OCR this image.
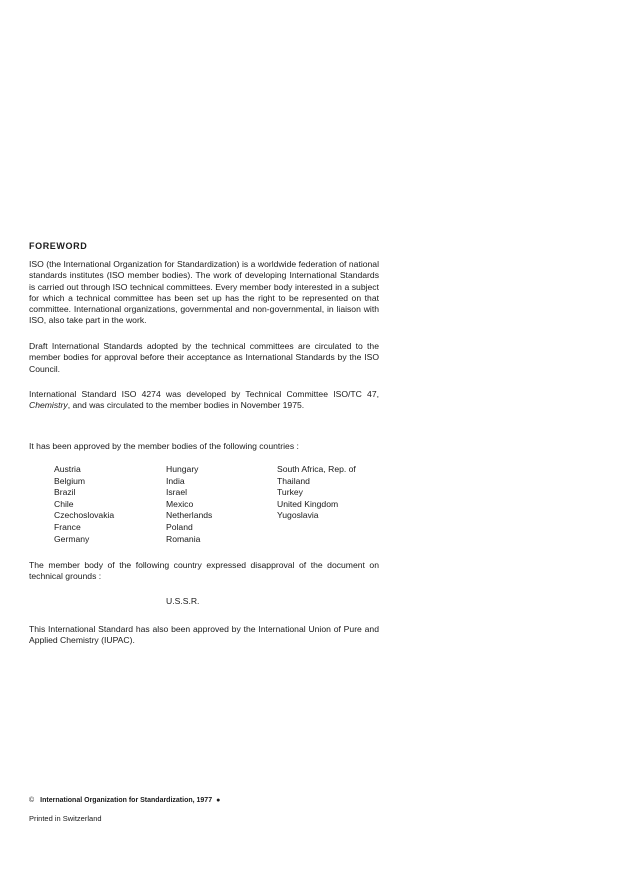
FOREWORD
ISO (the International Organization for Standardization) is a worldwide federation of national standards institutes (ISO member bodies). The work of developing International Standards is carried out through ISO technical committees. Every member body interested in a subject for which a technical committee has been set up has the right to be represented on that committee. International organizations, governmental and non-governmental, in liaison with ISO, also take part in the work.
Draft International Standards adopted by the technical committees are circulated to the member bodies for approval before their acceptance as International Standards by the ISO Council.
International Standard ISO 4274 was developed by Technical Committee ISO/TC 47, Chemistry, and was circulated to the member bodies in November 1975.
It has been approved by the member bodies of the following countries :
Austria
Belgium
Brazil
Chile
Czechoslovakia
France
Germany
Hungary
India
Israel
Mexico
Netherlands
Poland
Romania
South Africa, Rep. of
Thailand
Turkey
United Kingdom
Yugoslavia
The member body of the following country expressed disapproval of the document on technical grounds :
U.S.S.R.
This International Standard has also been approved by the International Union of Pure and Applied Chemistry (IUPAC).
© International Organization for Standardization, 1977 ●
Printed in Switzerland
